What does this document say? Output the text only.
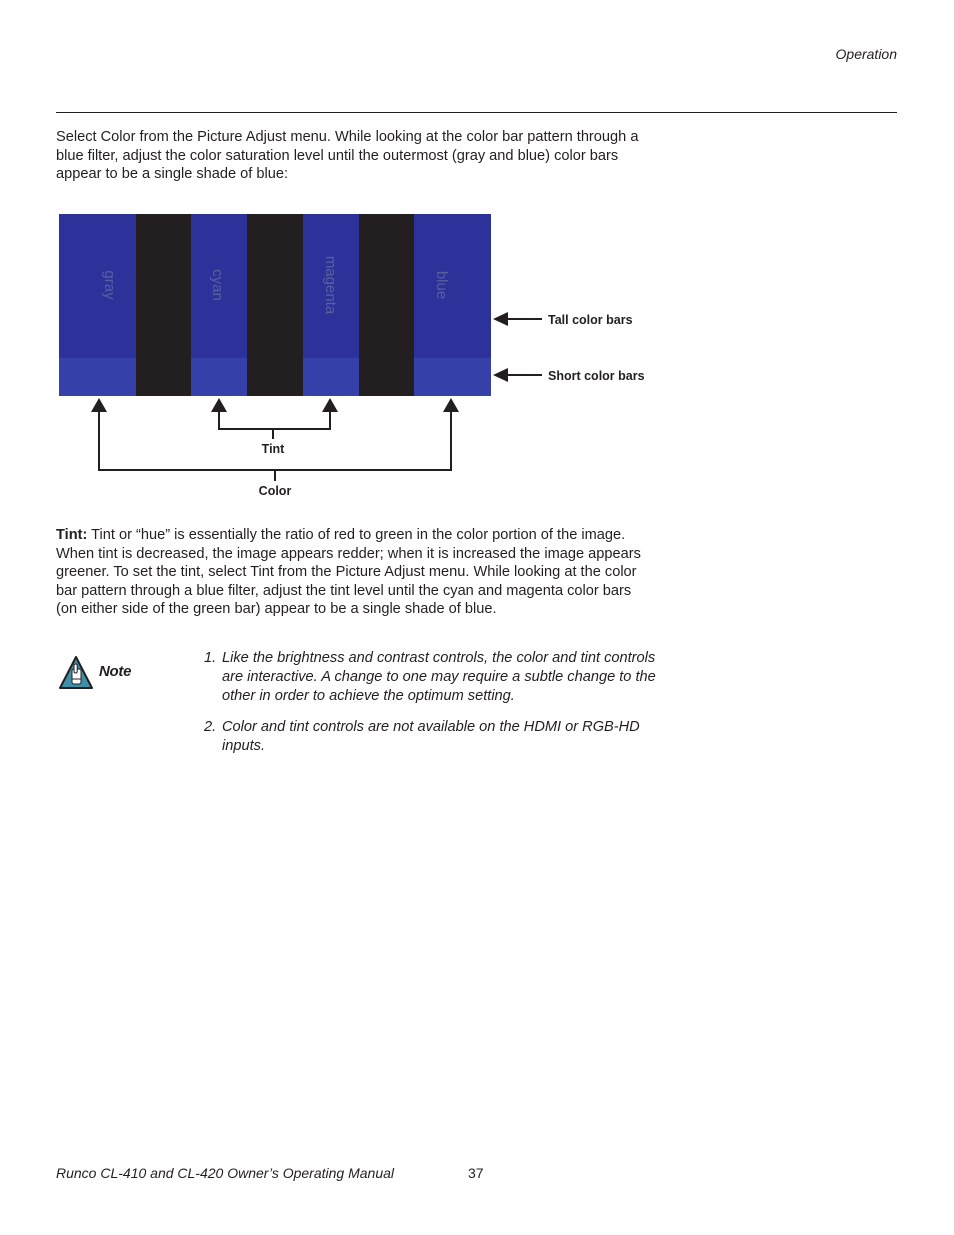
Operation

Select Color from the Picture Adjust menu. While looking at the color bar pattern through a blue filter, adjust the color saturation level until the outermost (gray and blue) color bars appear to be a single shade of blue:

gray	cyan	magenta	blue
Tall color bars
Short color bars
Tint
Color

Tint: Tint or “hue” is essentially the ratio of red to green in the color portion of the image. When tint is decreased, the image appears redder; when it is increased the image appears greener. To set the tint, select Tint from the Picture Adjust menu. While looking at the color bar pattern through a blue filter, adjust the tint level until the cyan and magenta color bars (on either side of the green bar) appear to be a single shade of blue.

Note
1. Like the brightness and contrast controls, the color and tint controls are interactive. A change to one may require a subtle change to the other in order to achieve the optimum setting.
2. Color and tint controls are not available on the HDMI or RGB-HD inputs.
Runco CL-410 and CL-420 Owner’s Operating Manual	37
